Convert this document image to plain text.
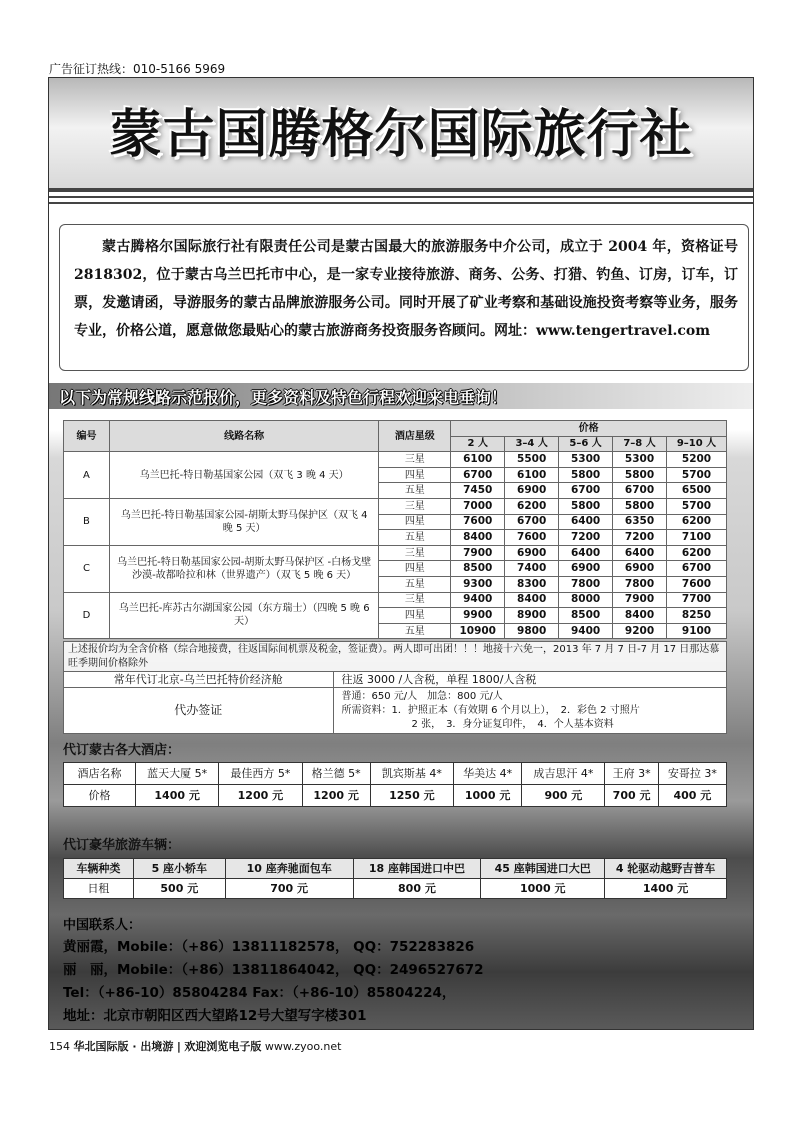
广告征订热线：010-5166 5969
蒙古国腾格尔国际旅行社
蒙古腾格尔国际旅行社有限责任公司是蒙古国最大的旅游服务中介公司，成立于 2004 年，资格证号 2818302，位于蒙古乌兰巴托市中心，是一家专业接待旅游、商务、公务、打猎、钓鱼、订房，订车，订票，发邀请函，导游服务的蒙古品牌旅游服务公司。同时开展了矿业考察和基础设施投资考察等业务，服务专业，价格公道，愿意做您最贴心的蒙古旅游商务投资服务咨顾问。网址：www.tengertravel.com
以下为常规线路示范报价，更多资料及特色行程欢迎来电垂询！
编号	线路名称	酒店星级	价格				
			2 人	3–4 人	5–6 人	7–8 人	9–10 人
A	乌兰巴托-特日勒基国家公园（双飞 3 晚 4 天）	三星	6100	5500	5300	5300	5200
		四星	6700	6100	5800	5800	5700
		五星	7450	6900	6700	6700	6500
B	乌兰巴托-特日勒基国家公园-胡斯太野马保护区（双飞 4 晚 5 天）	三星	7000	6200	5800	5800	5700
		四星	7600	6700	6400	6350	6200
		五星	8400	7600	7200	7200	7100
C	乌兰巴托-特日勒基国家公园-胡斯太野马保护区 -白杨戈壁沙漠-故都哈拉和林（世界遗产）（双飞 5 晚 6 天）	三星	7900	6900	6400	6400	6200
		四星	8500	7400	6900	6900	6700
		五星	9300	8300	7800	7800	7600
D	乌兰巴托-库苏古尔湖国家公园（东方瑞士）（四晚 5 晚 6 天）	三星	9400	8400	8000	7900	7700
		四星	9900	8900	8500	8400	8250
		五星	10900	9800	9400	9200	9100
上述报价均为全含价格（综合地接费，往返国际间机票及税金，签证费）。两人即可出团！！！地接十六免一，2013 年 7 月 7 日-7 月 17 日那达慕旺季期间价格除外
常年代订北京-乌兰巴托特价经济舱	往返 3000 /人含税，单程 1800/人含税
代办签证	普通：650 元/人　加急：800 元/人
所需资料：1．护照正本（有效期 6 个月以上），　2．彩色 2 寸照片
2 张，　3．身分证复印件，　4．个人基本资料
代订蒙古各大酒店：
酒店名称	蓝天大厦 5*	最佳西方 5*	格兰德 5*	凯宾斯基 4*	华美达 4*	成吉思汗 4*	王府 3*	安哥拉 3*
价格	1400 元	1200 元	1200 元	1250 元	1000 元	900 元	700 元	400 元
代订豪华旅游车辆：
车辆种类	5 座小轿车	10 座奔驰面包车	18 座韩国进口中巴	45 座韩国进口大巴	4 轮驱动越野吉普车
日租	500 元	700 元	800 元	1000 元	1400 元
中国联系人：
黄丽霞，Mobile：（+86）13811182578， QQ：752283826
丽　丽，Mobile：（+86）13811864042， QQ：2496527672
Tel：（+86-10）85804284 Fax：（+86-10）85804224，
地址：北京市朝阳区西大望路12号大望写字楼301
154 华北国际版 · 出境游 | 欢迎浏览电子版 www.zyoo.net
